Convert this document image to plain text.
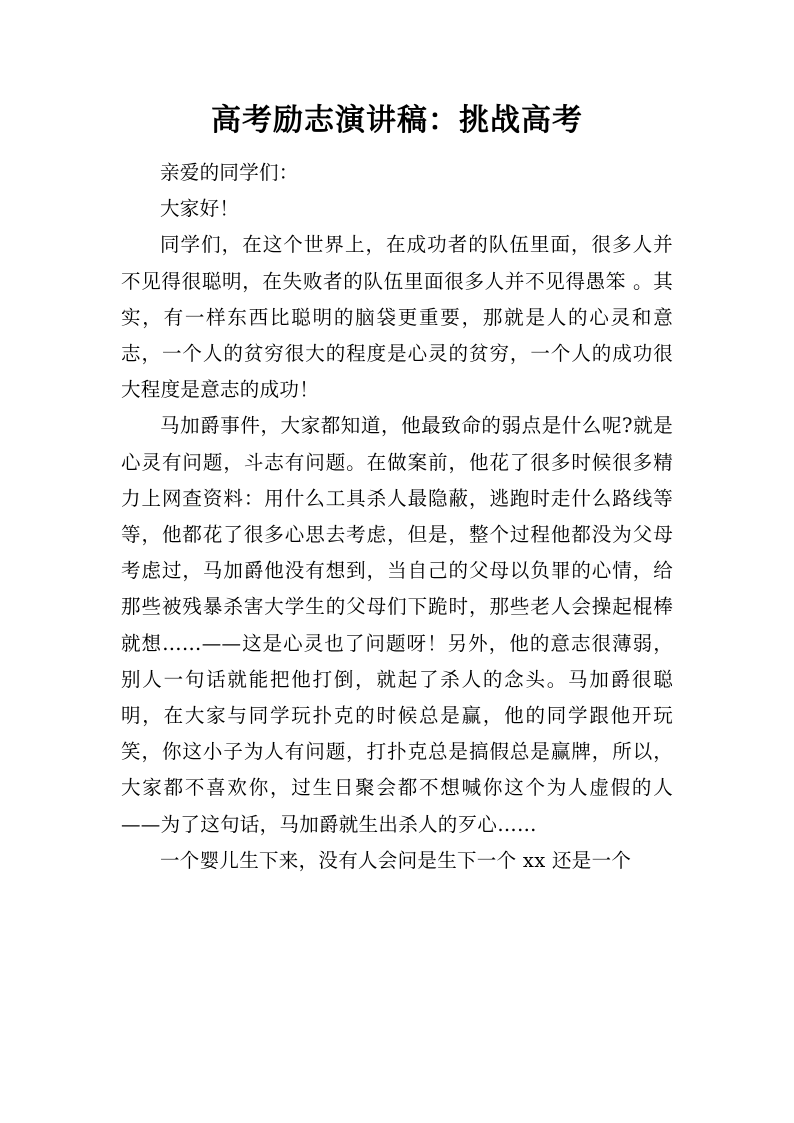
高考励志演讲稿：挑战高考

亲爱的同学们：

大家好！

同学们，在这个世界上，在成功者的队伍里面，很多人并不见得很聪明，在失败者的队伍里面很多人并不见得愚笨 。其实，有一样东西比聪明的脑袋更重要，那就是人的心灵和意志，一个人的贫穷很大的程度是心灵的贫穷，一个人的成功很大程度是意志的成功！

马加爵事件，大家都知道，他最致命的弱点是什么呢?就是心灵有问题，斗志有问题。在做案前，他花了很多时候很多精力上网查资料：用什么工具杀人最隐蔽，逃跑时走什么路线等等，他都花了很多心思去考虑，但是，整个过程他都没为父母考虑过，马加爵他没有想到，当自己的父母以负罪的心情，给那些被残暴杀害大学生的父母们下跪时，那些老人会操起棍棒就想……——这是心灵也了问题呀！另外，他的意志很薄弱，别人一句话就能把他打倒，就起了杀人的念头。马加爵很聪明，在大家与同学玩扑克的时候总是赢，他的同学跟他开玩笑，你这小子为人有问题，打扑克总是搞假总是赢牌，所以，大家都不喜欢你，过生日聚会都不想喊你这个为人虚假的人——为了这句话，马加爵就生出杀人的歹心……

一个婴儿生下来，没有人会问是生下一个 xx 还是一个
